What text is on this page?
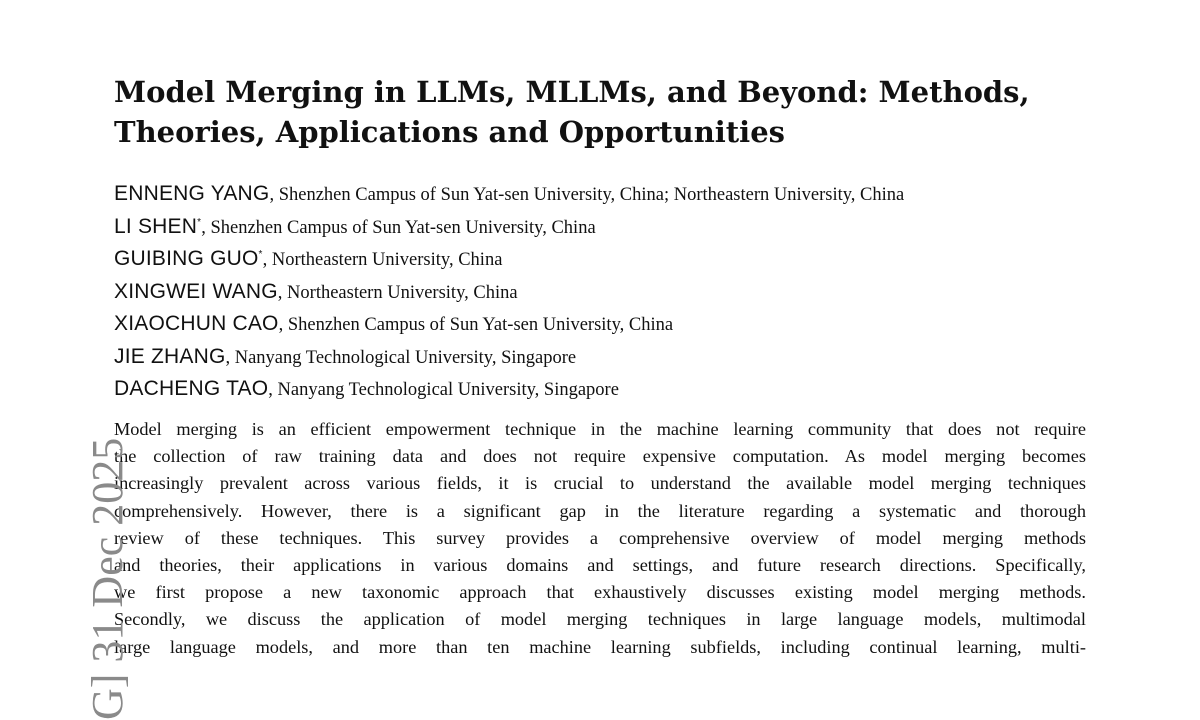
Model Merging in LLMs, MLLMs, and Beyond: Methods,
Theories, Applications and Opportunities
ENNENG YANG, Shenzhen Campus of Sun Yat-sen University, China; Northeastern University, China
LI SHEN*, Shenzhen Campus of Sun Yat-sen University, China
GUIBING GUO*, Northeastern University, China
XINGWEI WANG, Northeastern University, China
XIAOCHUN CAO, Shenzhen Campus of Sun Yat-sen University, China
JIE ZHANG, Nanyang Technological University, Singapore
DACHENG TAO, Nanyang Technological University, Singapore
Model merging is an efficient empowerment technique in the machine learning community that does not require
the collection of raw training data and does not require expensive computation. As model merging becomes
increasingly prevalent across various fields, it is crucial to understand the available model merging techniques
comprehensively. However, there is a significant gap in the literature regarding a systematic and thorough
review of these techniques. This survey provides a comprehensive overview of model merging methods
and theories, their applications in various domains and settings, and future research directions. Specifically,
we first propose a new taxonomic approach that exhaustively discusses existing model merging methods.
Secondly, we discuss the application of model merging techniques in large language models, multimodal
large language models, and more than ten machine learning subfields, including continual learning, multi-
G] 31 Dec 2025
